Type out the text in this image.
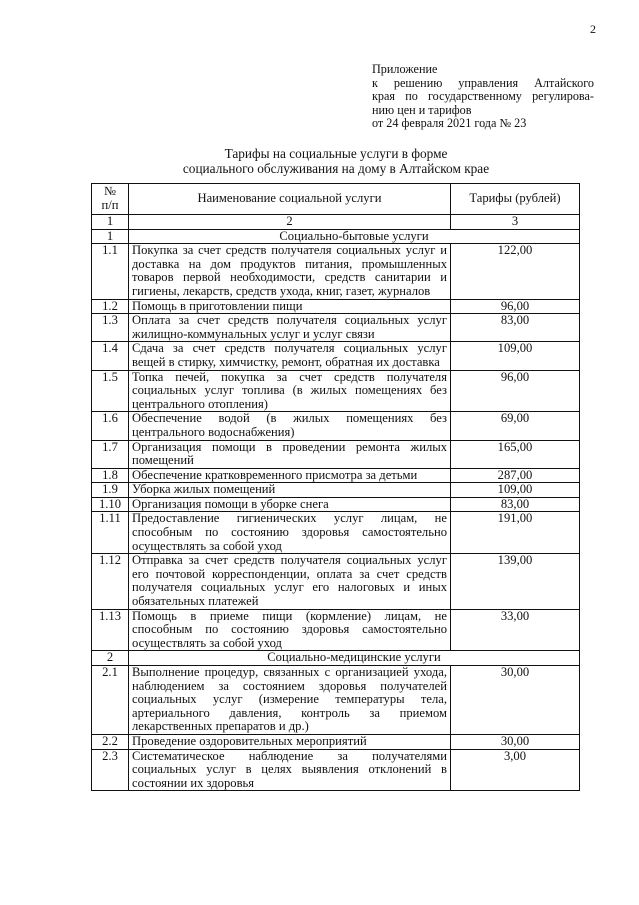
2
Приложение
к решению управления Алтайского
края по государственному регулирова-
нию цен и тарифов
от 24 февраля 2021 года № 23
Тарифы на социальные услуги в форме
социального обслуживания на дому в Алтайском крае
№
п/п	Наименование социальной услуги	Тарифы (рублей)
1	2	3
1	Социально-бытовые услуги	
1.1	Покупка за счет средств получателя социальных услуг и доставка на дом продуктов питания, промышленных товаров первой необходимости, средств санитарии и гигиены, лекарств, средств ухода, книг, газет, журналов	122,00
1.2	Помощь в приготовлении пищи	96,00
1.3	Оплата за счет средств получателя социальных услуг жилищно-коммунальных услуг и услуг связи	83,00
1.4	Сдача за счет средств получателя социальных услуг вещей в стирку, химчистку, ремонт, обратная их доставка	109,00
1.5	Топка печей, покупка за счет средств получателя социальных услуг топлива (в жилых помещениях без центрального отопления)	96,00
1.6	Обеспечение водой (в жилых помещениях без центрального водоснабжения)	69,00
1.7	Организация помощи в проведении ремонта жилых помещений	165,00
1.8	Обеспечение кратковременного присмотра за детьми	287,00
1.9	Уборка жилых помещений	109,00
1.10	Организация помощи в уборке снега	83,00
1.11	Предоставление гигиенических услуг лицам, не способным по состоянию здоровья самостоятельно осуществлять за собой уход	191,00
1.12	Отправка за счет средств получателя социальных услуг его почтовой корреспонденции, оплата за счет средств получателя социальных услуг его налоговых и иных обязательных платежей	139,00
1.13	Помощь в приеме пищи (кормление) лицам, не способным по состоянию здоровья самостоятельно осуществлять за собой уход	33,00
2	Социально-медицинские услуги	
2.1	Выполнение процедур, связанных с организацией ухода, наблюдением за состоянием здоровья получателей социальных услуг (измерение температуры тела, артериального давления, контроль за приемом лекарственных препаратов и др.)	30,00
2.2	Проведение оздоровительных мероприятий	30,00
2.3	Систематическое наблюдение за получателями социальных услуг в целях выявления отклонений в состоянии их здоровья	3,00
